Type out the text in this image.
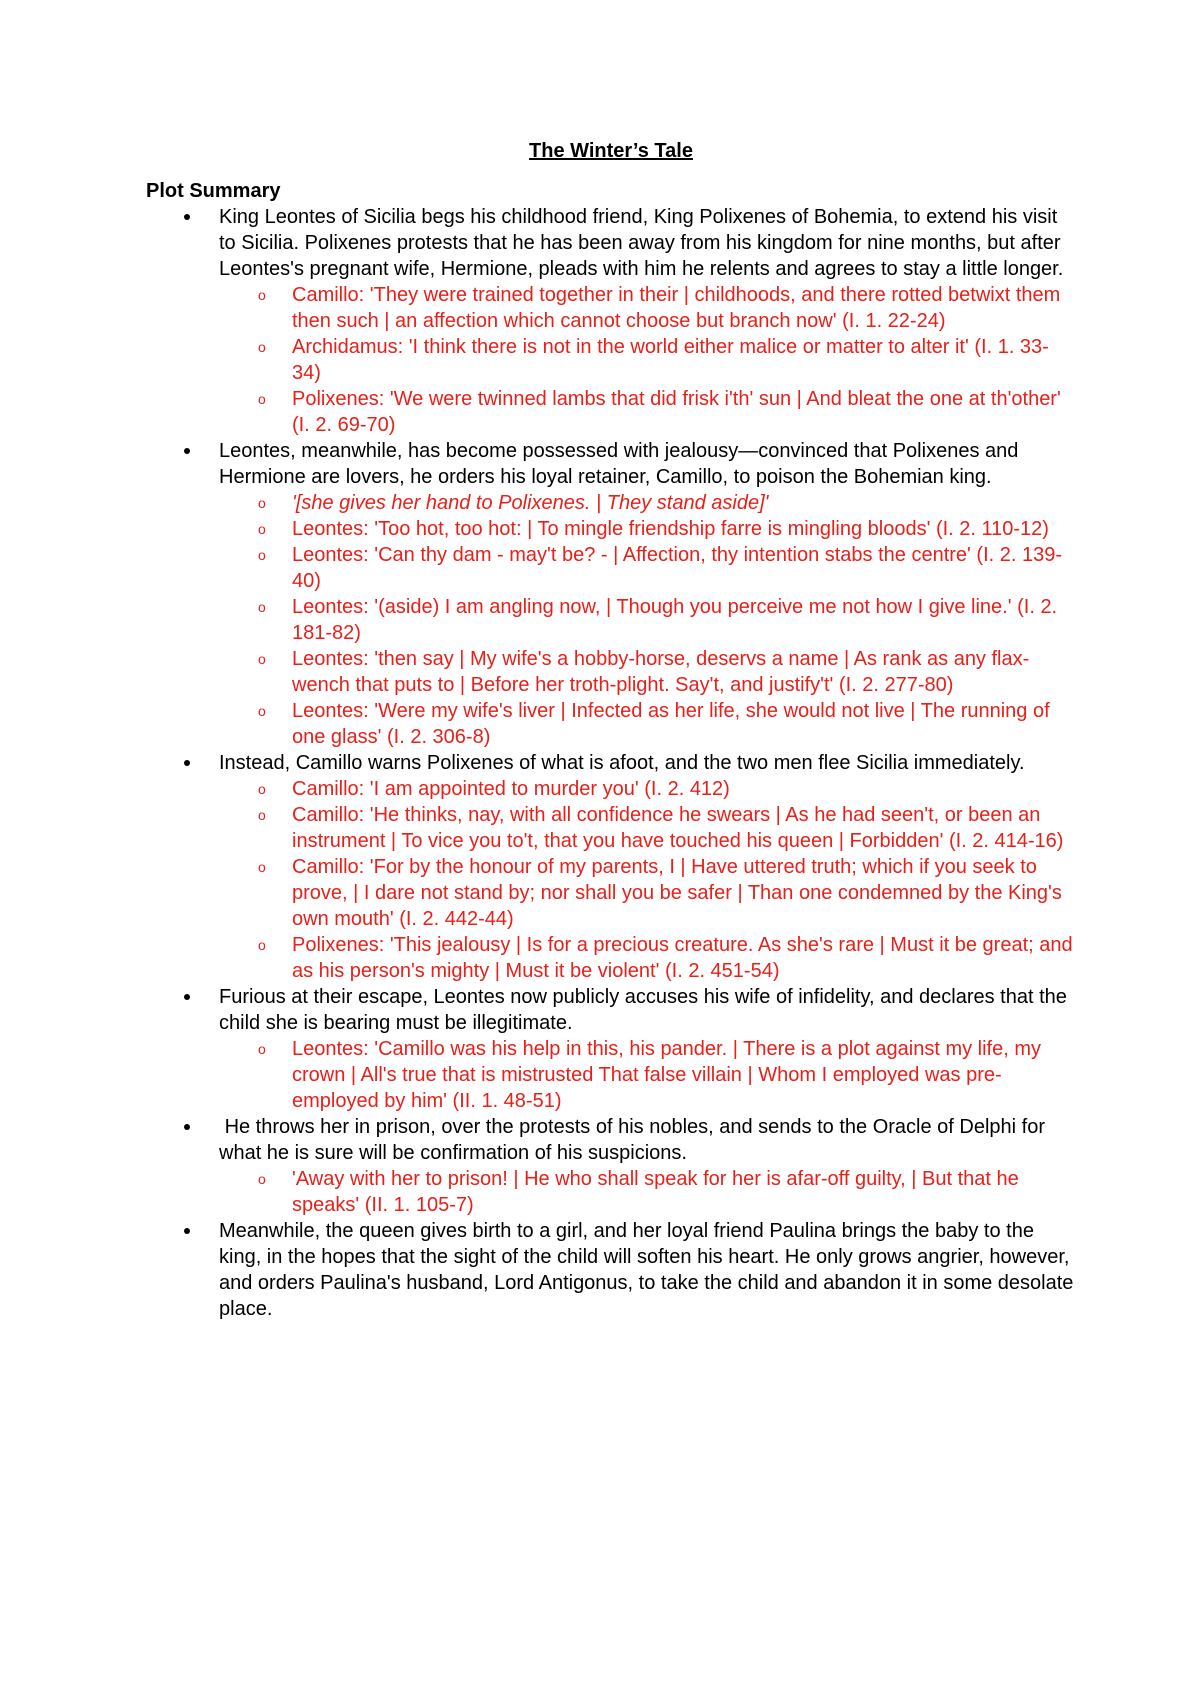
The Winter’s Tale
Plot Summary
King Leontes of Sicilia begs his childhood friend, King Polixenes of Bohemia, to extend his visit to Sicilia. Polixenes protests that he has been away from his kingdom for nine months, but after Leontes's pregnant wife, Hermione, pleads with him he relents and agrees to stay a little longer.
o Camillo: 'They were trained together in their | childhoods, and there rotted betwixt them then such | an affection which cannot choose but branch now' (I. 1. 22-24)
o Archidamus: 'I think there is not in the world either malice or matter to alter it' (I. 1. 33-34)
o Polixenes: 'We were twinned lambs that did frisk i'th' sun | And bleat the one at th'other' (I. 2. 69-70)
Leontes, meanwhile, has become possessed with jealousy—convinced that Polixenes and Hermione are lovers, he orders his loyal retainer, Camillo, to poison the Bohemian king.
o '[she gives her hand to Polixenes. | They stand aside]'
o Leontes: 'Too hot, too hot: | To mingle friendship farre is mingling bloods' (I. 2. 110-12)
o Leontes: 'Can thy dam - may't be? - | Affection, thy intention stabs the centre' (I. 2. 139-40)
o Leontes: '(aside) I am angling now, | Though you perceive me not how I give line.' (I. 2. 181-82)
o Leontes: 'then say | My wife's a hobby-horse, deservs a name | As rank as any flax-wench that puts to | Before her troth-plight. Say't, and justify't' (I. 2. 277-80)
o Leontes: 'Were my wife's liver | Infected as her life, she would not live | The running of one glass' (I. 2. 306-8)
Instead, Camillo warns Polixenes of what is afoot, and the two men flee Sicilia immediately.
o Camillo: 'I am appointed to murder you' (I. 2. 412)
o Camillo: 'He thinks, nay, with all confidence he swears | As he had seen't, or been an instrument | To vice you to't, that you have touched his queen | Forbidden' (I. 2. 414-16)
o Camillo: 'For by the honour of my parents, I | Have uttered truth; which if you seek to prove, | I dare not stand by; nor shall you be safer | Than one condemned by the King's own mouth' (I. 2. 442-44)
o Polixenes: 'This jealousy | Is for a precious creature. As she's rare | Must it be great; and as his person's mighty | Must it be violent' (I. 2. 451-54)
Furious at their escape, Leontes now publicly accuses his wife of infidelity, and declares that the child she is bearing must be illegitimate.
o Leontes: 'Camillo was his help in this, his pander. | There is a plot against my life, my crown | All's true that is mistrusted That false villain | Whom I employed was pre-employed by him' (II. 1. 48-51)
He throws her in prison, over the protests of his nobles, and sends to the Oracle of Delphi for what he is sure will be confirmation of his suspicions.
o 'Away with her to prison! | He who shall speak for her is afar-off guilty, | But that he speaks' (II. 1. 105-7)
Meanwhile, the queen gives birth to a girl, and her loyal friend Paulina brings the baby to the king, in the hopes that the sight of the child will soften his heart. He only grows angrier, however, and orders Paulina's husband, Lord Antigonus, to take the child and abandon it in some desolate place.
